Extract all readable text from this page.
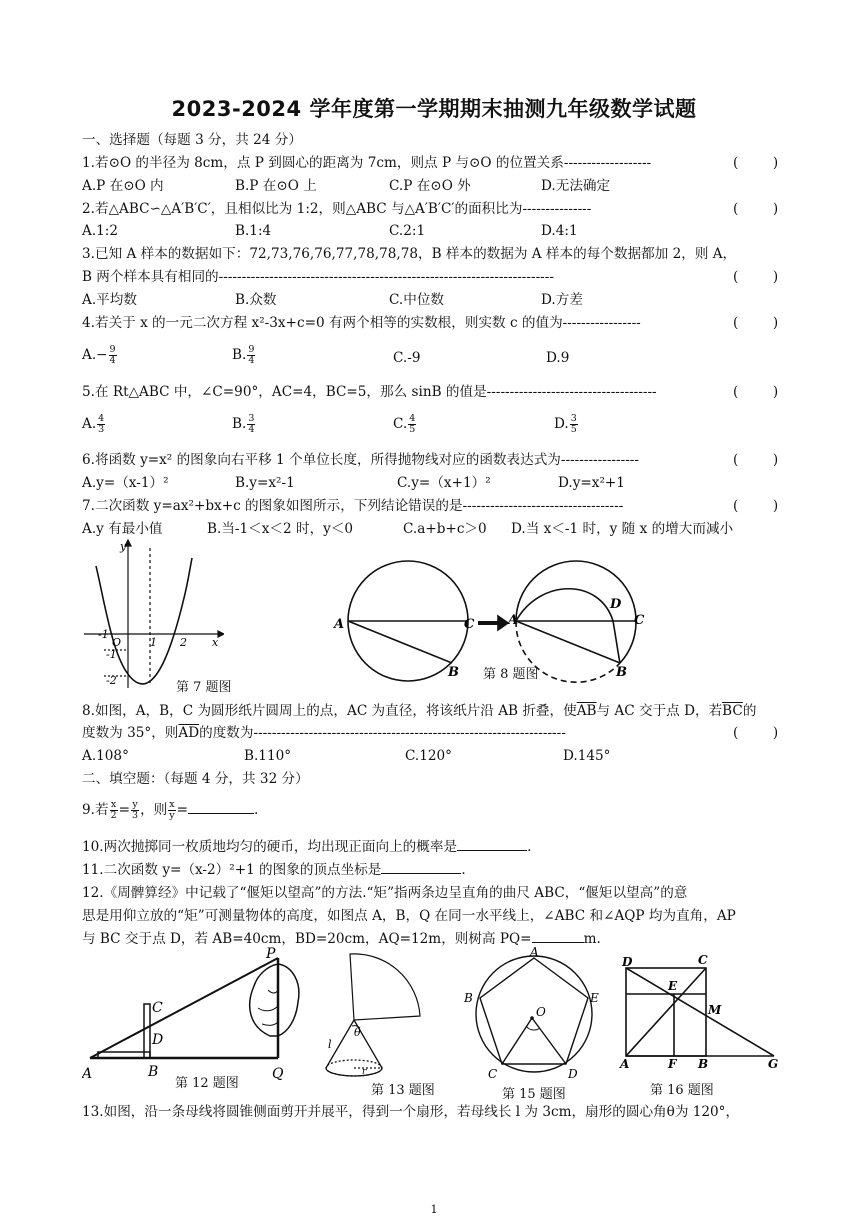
2023-2024 学年度第一学期期末抽测九年级数学试题
一、选择题（每题 3 分，共 24 分）
1.若⊙O 的半径为 8cm，点 P 到圆心的距离为 7cm，则点 P 与⊙O 的位置关系-------------------	(        )
A.P 在⊙O 内	B.P 在⊙O 上	C.P 在⊙O 外	D.无法确定
2.若△ABC∽△A′B′C′，且相似比为 1:2，则△ABC 与△A′B′C′的面积比为---------------	(        )
A.1:2	B.1:4	C.2:1	D.4:1
3.已知 A 样本的数据如下：72,73,76,76,77,78,78,78，B 样本的数据为 A 样本的每个数据都加 2，则 A，
B 两个样本具有相同的-------------------------------------------------------------------------	(        )
A.平均数	B.众数	C.中位数	D.方差
4.若关于 x 的一元二次方程 x²-3x+c=0 有两个相等的实数根，则实数 c 的值为-----------------	(        )
$A.- \frac{9}{4}$	B. $\frac{9}{4}$	C.-9	D.9
5.在 Rt△ABC 中，∠C=90°，AC=4，BC=5，那么 sinB 的值是-------------------------------------	(        )
A. $\frac{4}{3}$	B. $\frac{3}{4}$	C. $\frac{4}{5}$	D. $\frac{3}{5}$
6.将函数 y=x² 的图象向右平移 1 个单位长度，所得抛物线对应的函数表达式为-----------------	(        )
A.y=（x-1）²	B.y=x²-1	C.y=（x+1）²	D.y=x²+1
7.二次函数 y=ax²+bx+c 的图象如图所示，下列结论错误的是-----------------------------------	(        )
A.y 有最小值	B.当-1＜x＜2 时，y＜0	C.a+b+c＞0 D.当 x＜-1 时，y 随 x 的增大而减小
y
x
O
-1
1 2
-1
-2	第 7 题图
A	C
B
A	C
D
B
第 8 题图
8.如图，A，B，C 为圆形纸片圆周上的点，AC 为直径，将该纸片沿 AB 折叠，使$\overline{AB}$与 AC 交于点 D，若$\overline{BC}$的
度数为 35°，则$\overline{AD}$的度数为--------------------------------------------------------------------	(        )
A.108°	B.110°	C.120°	D.145°
二、填空题：（每题 4 分，共 32 分）
9.若 $\frac{x}{2} = \frac{y}{3}$ ，则 $\frac{x}{y}$ =	.
10.两次抛掷同一枚质地均匀的硬币，均出现正面向上的概率是	.
11.二次函数 y=（x-2）²+1 的图象的顶点坐标是	.
12.《周髀算经》中记载了“偃矩以望高”的方法.“矩”指两条边呈直角的曲尺 ABC，“偃矩以望高”的意
思是用仰立放的“矩”可测量物体的高度，如图点 A，B，Q 在同一水平线上，∠ABC 和∠AQP 均为直角，AP
与 BC 交于点 D，若 AB=40cm，BD=20cm，AQ=12m，则树高 PQ=	m.
A	B
C
D
P
Q
第 12 题图
θ
l
r
第 13 题图
A
B	E
O
C	D
第 15 题图
D	C
E
M
A	F B	G
第 16 题图
13.如图，沿一条母线将圆锥侧面剪开并展平，得到一个扇形，若母线长 l 为 3cm，扇形的圆心角θ为 120°，
1
